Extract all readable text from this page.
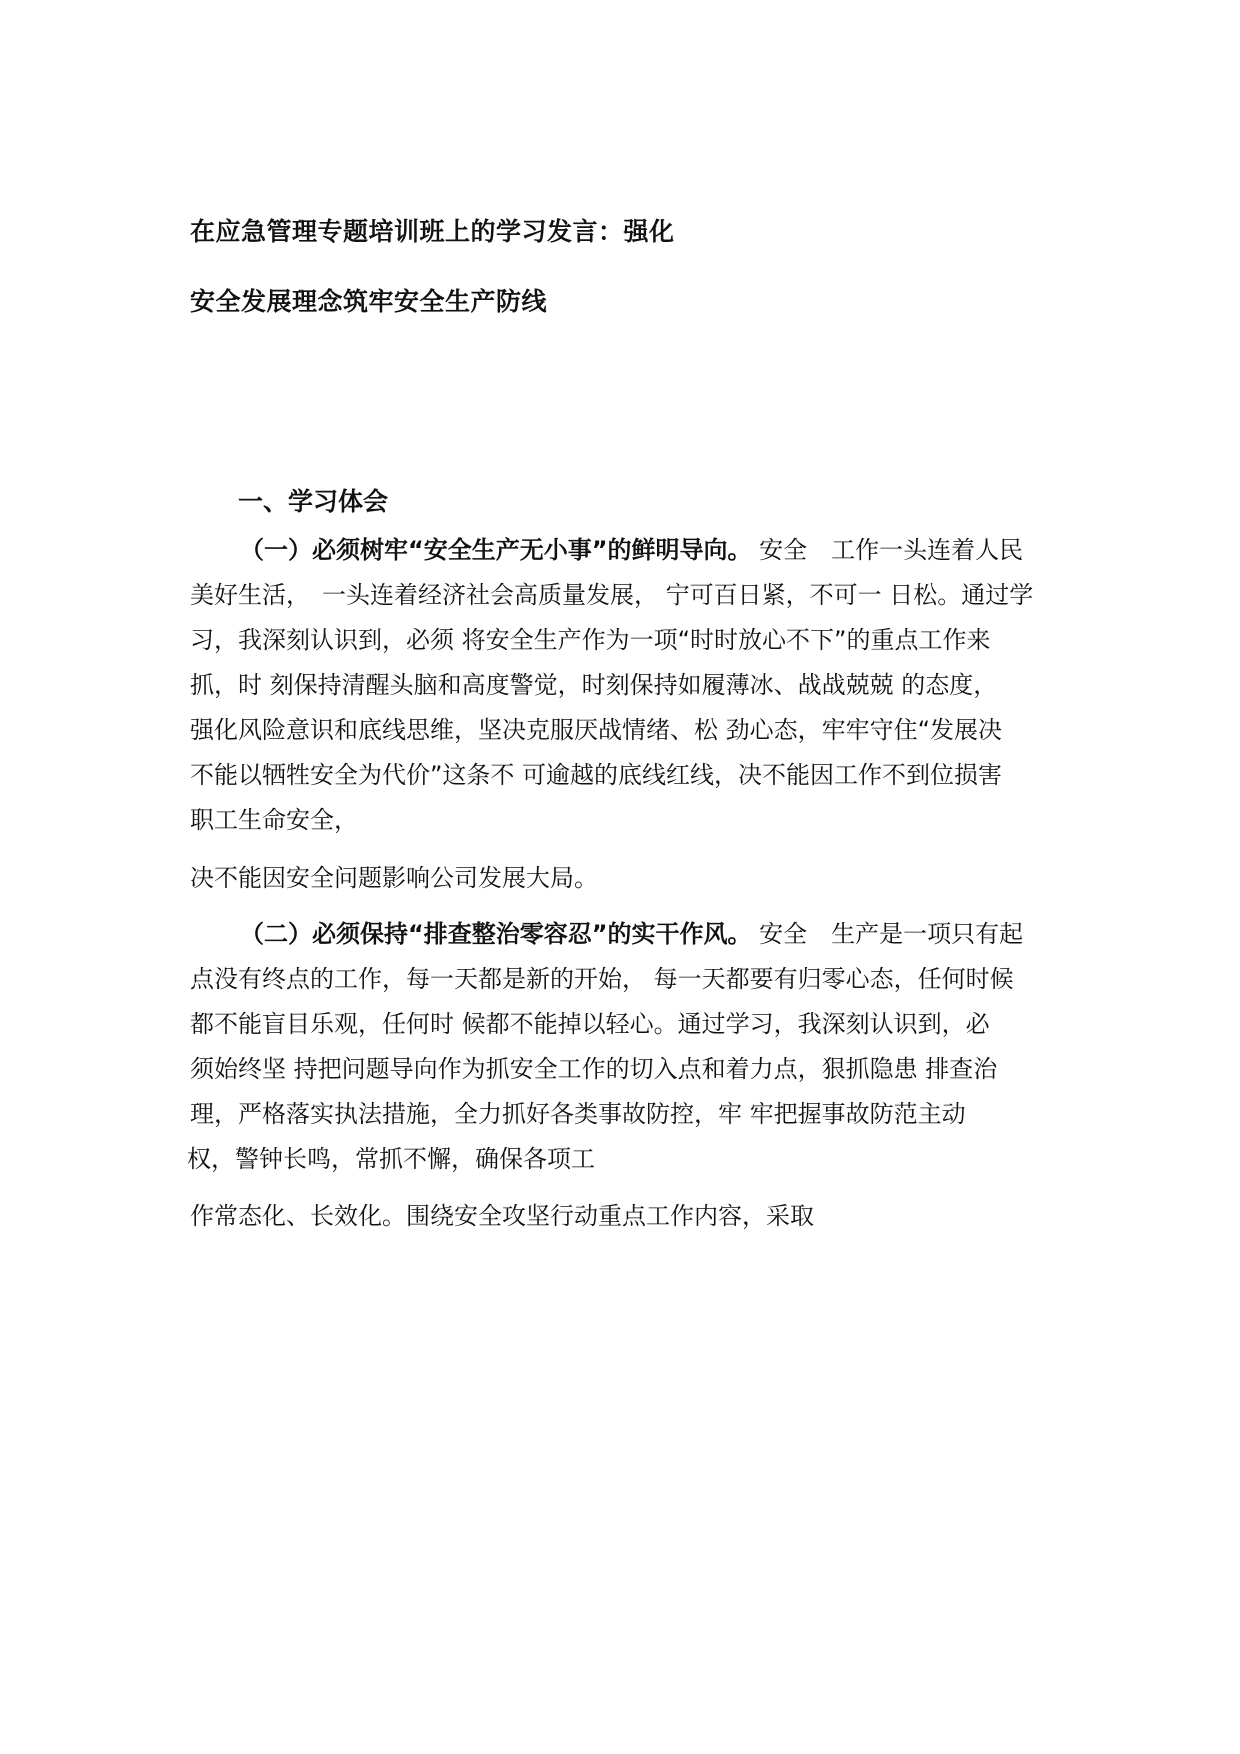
在应急管理专题培训班上的学习发言：强化
安全发展理念筑牢安全生产防线
一、学习体会
（一）必须树牢“安全生产无小事”的鲜明导向。 安全　工作一头连着人民
美好生活，　一头连着经济社会高质量发展， 宁可百日紧，不可一 日松。通过学
习，我深刻认识到，必须 将安全生产作为一项“时时放心不下”的重点工作来
抓，时 刻保持清醒头脑和高度警觉，时刻保持如履薄冰、战战兢兢 的态度，
强化风险意识和底线思维，坚决克服厌战情绪、松 劲心态，牢牢守住“发展决
不能以牺牲安全为代价”这条不 可逾越的底线红线，决不能因工作不到位损害
职工生命安全，
决不能因安全问题影响公司发展大局。
（二）必须保持“排查整治零容忍”的实干作风。 安全　生产是一项只有起
点没有终点的工作，每一天都是新的开始， 每一天都要有归零心态，任何时候
都不能盲目乐观，任何时 候都不能掉以轻心。通过学习，我深刻认识到，必
须始终坚 持把问题导向作为抓安全工作的切入点和着力点，狠抓隐患 排查治
理，严格落实执法措施，全力抓好各类事故防控，牢 牢把握事故防范主动
权，警钟长鸣，常抓不懈，确保各项工
作常态化、长效化。围绕安全攻坚行动重点工作内容，采取
